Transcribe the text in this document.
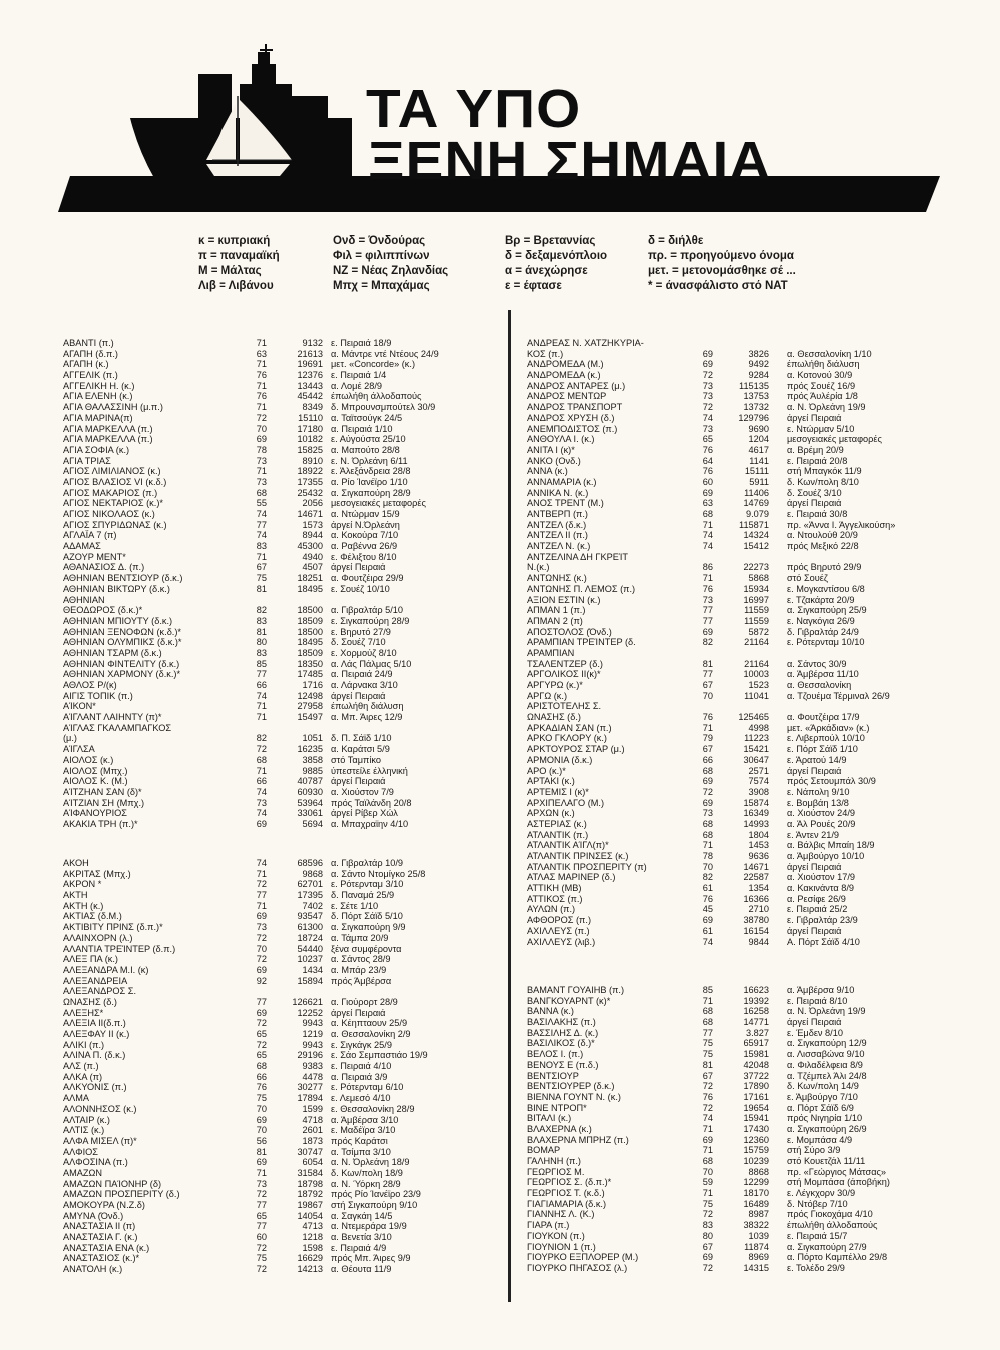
ΤΑ ΥΠΟ
ΞΕΝΗ ΣΗΜΑΙΑ
κ = κυπριακή
π = παναμαϊκή
Μ = Μάλτας
Λιβ = Λιβάνου
Ονδ = Όνδούρας
Φιλ = φιλιππίνων
ΝΖ = Νέας Ζηλανδίας
Μπχ = Μπαχάμας
Βρ = Βρεταννίας
δ = δεξαμενόπλοιο
α = άνεχώρησε
ε = έφτασε
δ = διήλθε
πρ. = προηγούμενο όνομα
μετ. = μετονομάσθηκε σέ ...
* = άνασφάλιστο στό ΝΑΤ
ΑΒΑΝΤΙ (π.)	71	9132 ε. Πειραιά 18/9
ΑΓΑΠΗ (δ.π.)	63	21613 α. Μάντρε ντέ Ντέους 24/9
ΑΓΑΠΗ (κ.)	71	19691 μετ. «Concorde» (κ.)
ΑΓΓΕΛΙΚ (π.)	76	12376 ε. Πειραιά 1/4
ΑΓΓΕΛΙΚΗ Η. (κ.)	71	13443 α. Λομέ 28/9
ΑΓΙΑ ΕΛΕΝΗ (κ.)	76	45442 έπωλήθη άλλοδαπούς
ΑΓΙΑ ΘΑΛΑΣΣΙΝΗ (μ.π.)	71	8349 δ. Μπρουνσμπούτελ 30/9
ΑΓΙΑ ΜΑΡΙΝΑ(π)	72	15110 α. Ταϊτσούγκ 24/5
ΑΓΙΑ ΜΑΡΚΕΛΛΑ (π.)	70	17180 α. Πειραιά 1/10
ΑΓΙΑ ΜΑΡΚΕΛΛΑ (π.)	69	10182 ε. Αύγούστα 25/10
ΑΓΙΑ ΣΟΦΙΑ (κ.)	78	15825 α. Μαπούτο 28/8
ΑΓΙΑ ΤΡΙΑΣ	73	8910 ε. Ν. Όρλεάνη 6/11
ΑΓΙΟΣ ΛΙΜΙΛΙΑΝΟΣ (κ.)	71	18922 ε. Άλεξάνδρεια 28/8
ΑΓΙΟΣ ΒΛΑΣΙΟΣ VI (κ.δ.)	73	17355 α. Ρίο Ίανέϊρο 1/10
ΑΓΙΟΣ ΜΑΚΑΡΙΟΣ (π.)	68	25432 α. Σιγκαπούρη 28/9
ΑΓΙΟΣ ΝΕΚΤΑΡΙΟΣ (κ.)*	55	2056 μεσογειακές μεταφορές
ΑΓΙΟΣ ΝΙΚΟΛΑΟΣ (κ.)	74	14671 α. Ντώρμαν 15/9
ΑΓΙΟΣ ΣΠΥΡΙΔΩΝΑΣ (κ.)	77	1573 άργεί Ν.Όρλεάνη
ΑΓΛΑΪΑ 7 (π)	74	8944 α. Κοκούρα 7/10
ΑΔΑΜΑΣ	83	45300 α. Ραβέννα 26/9
ΑΖΟΥΡ ΜΕΝΤ*	71	4940 ε. Φέλιξτου 8/10
ΑΘΑΝΑΣΙΟΣ Δ. (π.)	67	4507 άργεί Πειραιά
ΑΘΗΝΙΑΝ ΒΕΝΤΣΙΟΥΡ (δ.κ.)	75	18251 α. Φουτζέιρα 29/9
ΑΘΗΝΙΑΝ ΒΙΚΤΩΡΥ (δ.κ.)	81	18495 ε. Σουέζ 10/10
ΑΘΗΝΙΑΝ
ΘΕΟΔΩΡΟΣ (δ.κ.)*	82	18500 α. Γιβραλτάρ 5/10
ΑΘΗΝΙΑΝ ΜΠΙΟΥΤΥ (δ.κ.)	83	18509 ε. Σιγκαπούρη 28/9
ΑΘΗΝΙΑΝ ΞΕΝΟΦΩΝ (κ.δ.)*	81	18500 ε. Βηρυτό 27/9
ΑΘΗΝΙΑΝ ΟΛΥΜΠΙΚΣ (δ.κ.)*	80	18495 δ. Σουέζ 7/10
ΑΘΗΝΙΑΝ ΤΣΑΡΜ (δ.κ.)	83	18509 ε. Χορμούζ 8/10
ΑΘΗΝΙΑΝ ΦΙΝΤΕΛΙΤΥ (δ.κ.)	85	18350 α. Λάς Πάλμας 5/10
ΑΘΗΝΙΑΝ ΧΑΡΜΟΝΥ (δ.κ.)*	77	17485 α. Πειραιά 24/9
ΑΘΛΟΣ Ρ/(κ)	66	1716 α. Λάρνακα 3/10
ΑΙΓΙΣ ΤΟΠΙΚ (π.)	74	12498 άργεί Πειραιά
ΑΊΚΟΝ*	71	27958 έπωλήθη διάλυση
ΑΊΓΛΑΝΤ ΛΑΙΗΝΤΥ (π)*	71	15497 α. Μπ. Άιρες 12/9
ΑΊΓΛΑΣ ΓΚΑΛΑΜΠΑΓΚΟΣ
(μ.)	82	1051 δ. Π. Σάϊδ 1/10
ΑΊΓΛΣΑ	72	16235 α. Καράτσι 5/9
ΑΙΟΛΟΣ (κ.)	68	3858 στό Ταμπίκο
ΑΙΟΛΟΣ (Μπχ.)	71	9885 ύπεστείλε έλληνική
ΑΙΟΛΟΣ Κ. (Μ.)	66	40787 άργεί Πειραιά
ΑΊΤΖΗΑΝ ΣΑΝ (δ)*	74	60930 α. Χιούστον 7/9
ΑΊΤΖΙΑΝ ΣΗ (Μπχ.)	73	53964 πρός Ταϊλάνδη 20/8
ΑΊΦΑΝΟΥΡΙΟΣ	74	33061 άργεί Ρίβερ Χώλ
ΑΚΑΚΙΑ ΤΡΗ (π.)*	69	5694 α. Μπαχραϊην 4/10
ΑΚΟΗ	74	68596 α. Γιβραλτάρ 10/9
ΑΚΡΙΤΑΣ (Μπχ.)	71	9868 α. Σάντο Ντομίγκο 25/8
ΑΚΡΟΝ *	72	62701 ε. Ρότερνταμ 3/10
ΑΚΤΗ	77	17395 δ. Παναμά 25/9
ΑΚΤΗ (κ.)	71	7402 ε. Σέτε 1/10
ΑΚΤΙΑΣ (δ.Μ.)	69	93547 δ. Πόρτ Σάϊδ 5/10
ΑΚΤΙΒΙΤΥ ΠΡΙΝΣ (δ.π.)*	73	61300 α. Σιγκαπούρη 9/9
ΑΛΑΙΝΧΟΡΝ (λ.)	72	18724 α. Τάμπα 20/9
ΑΛΑΝΤΙΑ ΤΡΕΊΝΤΕΡ (δ.π.)	70	54440 ξένα συμφέροντα
ΑΛΕΞ ΠΑ (κ.)	72	10237 α. Σάντος 28/9
ΑΛΕΞΑΝΔΡΑ Μ.Ι. (κ)	69	1434 α. Μπάρ 23/9
ΑΛΕΞΑΝΔΡΕΙΑ	92	15894 πρός Άμβέρσα
ΑΛΕΞΑΝΔΡΟΣ Σ.
ΩΝΑΣΗΣ (δ.)	77	126621 α. Γιούρορτ 28/9
ΑΛΕΞΗΣ*	69	12252 άργεί Πειραιά
ΑΛΕΞΙΑ ΙΙ(δ.π.)	72	9943 α. Κέηπταουν 25/9
ΑΛΕΞΦΑΥ ΙΙ (κ.)	65	1219 α. Θεσσαλονίκη 2/9
ΑΛΙΚΙ (π.)	72	9943 ε. Σιγκάγκ 25/9
ΑΛΙΝΑ Π. (δ.κ.)	65	29196 ε. Σάο Σεμπαστιάο 19/9
ΑΛΣ (π.)	68	9383 ε. Πειραιά 4/10
ΑΛΚΑ (π)	66	4478 α. Πειραιά 3/9
ΑΛΚΥΟΝΙΣ (π.)	76	30277 ε. Ρότερνταμ 6/10
ΑΛΜΑ	75	17894 ε. Λεμεσό 4/10
ΑΛΟΝΝΗΣΟΣ (κ.)	70	1599 ε. Θεσσαλονίκη 28/9
ΑΛΤΑΙΡ (κ.)	69	4718 α. Άμβέρσα 3/10
ΑΛΤΙΣ (κ.)	70	2601 ε. Μαδέϊρα 3/10
ΑΛΦΑ ΜΙΣΕΛ (π)*	56	1873 πρός Καράτσι
ΑΛΦΙΟΣ	81	30747 α. Τσίμπα 3/10
ΑΛΦΟΣΙΝΑ (π.)	69	6054 α. Ν. Όρλεάνη 18/9
ΑΜΑΖΩΝ	71	31584 δ. Κων/πολη 18/9
ΑΜΑΖΩΝ ΠΑΊΟΝΗΡ (δ)	73	18798 α. Ν. Ύόρκη 28/9
ΑΜΑΖΩΝ ΠΡΟΣΠΕΡΙΤΥ (δ.)	72	18792 πρός Ρίο Ίανέϊρο 23/9
ΑΜΟΚΟΥΡΑ (Ν.Ζ.δ)	77	19867 στή Σιγκαπούρη 9/10
ΑΜΥΝΑ (Όνδ.)	65	14054 α. Σαγκάη 14/5
ΑΝΑΣΤΑΣΙΑ ΙΙ (π)	77	4713 α. Ντεμεράρα 19/9
ΑΝΑΣΤΑΣΙΑ Γ. (κ.)	60	1218 α. Βενετία 3/10
ΑΝΑΣΤΑΣΙΑ ΕΝΑ (κ.)	72	1598 ε. Πειραιά 4/9
ΑΝΑΣΤΑΣΙΟΣ (κ.)*	75	16629 πρός Μπ. Άιρες 9/9
ΑΝΑΤΟΛΗ (κ.)	72	14213 α. Θέουτα 11/9
ΑΝΔΡΕΑΣ Ν. ΧΑΤΖΗΚΥΡΙΑ-
ΚΟΣ (π.)	69	3826 α. Θεσσαλονίκη 1/10
ΑΝΔΡΟΜΕΔΑ (Μ.)	69	9492 έπωλήθη διάλυση
ΑΝΔΡΟΜΕΔΑ (κ.)	72	9284 α. Κοτονού 30/9
ΑΝΔΡΟΣ ΑΝΤΑΡΕΣ (μ.)	73	115135 πρός Σουέζ 16/9
ΑΝΔΡΟΣ ΜΕΝΤΩΡ	73	13753 πρός Άυλέρία 1/8
ΑΝΔΡΟΣ ΤΡΑΝΣΠΟΡΤ	72	13732 α. Ν. Όρλεάνη 19/9
ΑΝΔΡΟΣ ΧΡΥΣΗ (δ.)	74	129796 άργεί Πειραιά
ΑΝΕΜΠΟΔΙΣΤΟΣ (π.)	73	9690 ε. Ντώρμαν 5/10
ΑΝΘΟΥΛΑ Ι. (κ.)	65	1204 μεσογειακές μεταφορές
ΑΝΙΤΑ Ι (κ)*	76	4617 α. Βρέμη 20/9
ΑΝΚΟ (Ονδ.)	64	1141 ε. Πειραιά 20/8
ΑΝΝΑ (κ.)	76	15111 στή Μπαγκόκ 11/9
ΑΝΝΑΜΑΡΙΑ (κ.)	60	5911 δ. Κων/πολη 8/10
ΑΝΝΙΚΑ Ν. (κ.)	69	11406 δ. Σουέζ 3/10
ΑΝΟΣ ΤΡΕΝΤ (Μ.)	63	14769 άργεί Πειραιά
ΑΝΤΒΕΡΠ (π.)	68	9.079 ε. Πειραιά 30/8
ΑΝΤΖΕΛ (δ.κ.)	71	115871 πρ. «Άννα Ι. Άγγελικούση»
ΑΝΤΖΕΛ ΙΙ (π.)	74	14324 α. Ντουλούθ 20/9
ΑΝΤΖΕΛ Ν. (κ.)	74	15412 πρός Μεξικό 22/8
ΑΝΤΖΕΛΙΝΑ ΔΗ ΓΚΡΕΊΤ
Ν.(κ.)	86	22273 πρός Βηρυτό 29/9
ΑΝΤΩΝΗΣ (κ.)	71	5868 στό Σουέζ
ΑΝΤΩΝΗΣ Π. ΛΕΜΟΣ (π.)	76	15934 ε. Μογκαντίσου 6/8
ΑΞΙΟΝ ΕΣΤΙΝ (κ.)	73	16997 ε. Τζακάρτα 20/9
ΑΠΜΑΝ 1 (π.)	77	11559 α. Σιγκαπούρη 25/9
ΑΠΜΑΝ 2 (π)	77	11559 ε. Ναγκόγια 26/9
ΑΠΟΣΤΟΛΟΣ (Όνδ.)	69	5872 δ. Γιβραλτάρ 24/9
ΑΡΑΜΠΙΑΝ ΤΡΕΊΝΤΕΡ (δ.	82	21164 ε. Ρότερνταμ 10/10
ΑΡΑΜΠΙΑΝ
ΤΣΑΛΕΝΤΖΕΡ (δ.)	81	21164 α. Σάντος 30/9
ΑΡΓΟΛΙΚΟΣ ΙΙ(κ)*	77	10003 α. Άμβέρσα 11/10
ΑΡΓΥΡΩ (κ.)*	67	1523 α. Θεσσαλονίκη
ΑΡΓΩ (κ.)	70	11041 α. Τζουέμα Τέρμιναλ 26/9
ΑΡΙΣΤΟΤΕΛΗΣ Σ.
ΩΝΑΣΗΣ (δ.)	76	125465 α. Φουτζέιρα 17/9
ΑΡΚΑΔΙΑΝ ΣΑΝ (π.)	71	4998 μετ. «Άρκάδιαν» (κ.)
ΑΡΚΟ ΓΚΛΟΡΥ (κ.)	79	11223 ε. Λιβερπούλ 10/10
ΑΡΚΤΟΥΡΟΣ ΣΤΑΡ (μ.)	67	15421 ε. Πόρτ Σάϊδ 1/10
ΑΡΜΟΝΙΑ (δ.κ.)	66	30647 ε. Άρατού 14/9
ΑΡΟ (κ.)*	68	2571 άργεί Πειραιά
ΑΡΤΑΚΙ (κ.)	69	7574 πρός Σετουμπάλ 30/9
ΑΡΤΕΜΙΣ Ι (κ)*	72	3908 ε. Νάπολη 9/10
ΑΡΧΙΠΕΛΑΓΟ (Μ.)	69	15874 ε. Βομβάη 13/8
ΑΡΧΩΝ (κ.)	73	16349 α. Χιούστον 24/9
ΑΣΤΕΡΙΑΣ (κ.)	68	14993 α. Άλ Ρουές 20/9
ΑΤΛΑΝΤΙΚ (π.)	68	1804 ε. Άντεν 21/9
ΑΤΛΑΝΤΙΚ ΑΊΓΛ(π)*	71	1453 α. Βάλβις Μπαίη 18/9
ΑΤΛΑΝΤΙΚ ΠΡΙΝΣΕΣ (κ.)	78	9636 α. Άμβούργο 10/10
ΑΤΛΑΝΤΙΚ ΠΡΟΣΠΕΡΙΤΥ (π)	70	14671 άργεί Πειραιά
ΑΤΛΑΣ ΜΑΡΙΝΕΡ (δ.)	82	22587 α. Χιούστον 17/9
ΑΤΤΙΚΗ (ΜΒ)	61	1354 α. Κακινάντα 8/9
ΑΤΤΙΚΟΣ (π.)	76	16366 α. Ρεσίφε 26/9
ΑΥΛΩΝ (π.)	45	2710 ε. Πειραιά 25/2
ΑΦΘΟΡΟΣ (π.)	69	38780 ε. Γιβραλτάρ 23/9
ΑΧΙΛΛΕΥΣ (π.)	61	16154 άργεί Πειραιά
ΑΧΙΛΛΕΥΣ (λιβ.)	74	9844 Α. Πόρτ Σάϊδ 4/10
ΒΑΜΑΝΤ ΓΟΥΑΙΗΒ (π.)	85	16623 α. Άμβέρσα 9/10
ΒΑΝΓΚΟΥΑΡΝΤ (κ)*	71	19392 ε. Πειραιά 8/10
ΒΑΝΝΑ (κ.)	68	16258 α. Ν. Όρλεάνη 19/9
ΒΑΣΙΛΑΚΗΣ (π.)	68	14771 άργεί Πειραιά
ΒΑΣΣΙΛΗΣ Δ. (κ.)	77	3.827 ε. Έμδεν 8/10
ΒΑΣΙΛΙΚΟΣ (δ.)*	75	65917 α. Σιγκαπούρη 12/9
ΒΕΛΟΣ Ι. (π.)	75	15981 α. Λισσαβώνα 9/10
ΒΕΝΟΥΣ Ε (π.δ.)	81	42048 α. Φιλαδέλφεια 8/9
ΒΕΝΤΣΙΟΥΡ	67	37722 α. Τζέμπελ Άλι 24/8
ΒΕΝΤΣΙΟΥΡΕΡ (δ.κ.)	72	17890 δ. Κων/πολη 14/9
ΒΙΕΝΝΑ ΓΟΥΝΤ Ν. (κ.)	76	17161 ε. Άμβούργο 7/10
ΒΙΝΕ ΝΤΡΟΠ*	72	19654 α. Πόρτ Σάϊδ 6/9
ΒΙΤΑΛΙ (κ.)	74	15941 πρός Νιγηρία 1/10
ΒΛΑΧΕΡΝΑ (κ.)	71	17430 α. Σιγκαπούρη 26/9
ΒΛΑΧΕΡΝΑ ΜΠΡΗΖ (π.)	69	12360 ε. Μομπάσα 4/9
ΒΟΜΑΡ	71	15759 στή Σύρο 3/9
ΓΑΛΗΝΗ (π.)	68	10239 στό Κουετζάλ 11/11
ΓΕΩΡΓΙΟΣ Μ.	70	8868 πρ. «Γεώργιος Μάτσας»
ΓΕΩΡΓΙΟΣ Σ. (δ.π.)*	59	12299 στή Μομπάσα (άποβήκη)
ΓΕΩΡΓΙΟΣ Τ. (κ.δ.)	71	18170 ε. Λέγκχορν 30/9
ΓΙΑΓΙΑΜΑΡΙΑ (δ.κ.)	75	16489 δ. Ντόβερ 7/10
ΓΙΑΝΝΗΣ Λ. (Κ.)	72	8987 πρός Γιοκοχάμα 4/10
ΓΙΑΡΑ (π.)	83	38322 έπωλήθη άλλοδαπούς
ΓΙΟΥΚΟΝ (π.)	80	1039 ε. Πειραιά 15/7
ΓΙΟΥΝΙΟΝ 1 (π.)	67	11874 α. Σιγκαπούρη 27/9
ΓΙΟΥΡΚΟ ΕΞΠΛΟΡΕΡ (Μ.)	69	8969 α. Πόρτο Καμπέλλο 29/8
ΓΙΟΥΡΚΟ ΠΗΓΑΣΟΣ (λ.)	72	14315 ε. Τολέδο 29/9
